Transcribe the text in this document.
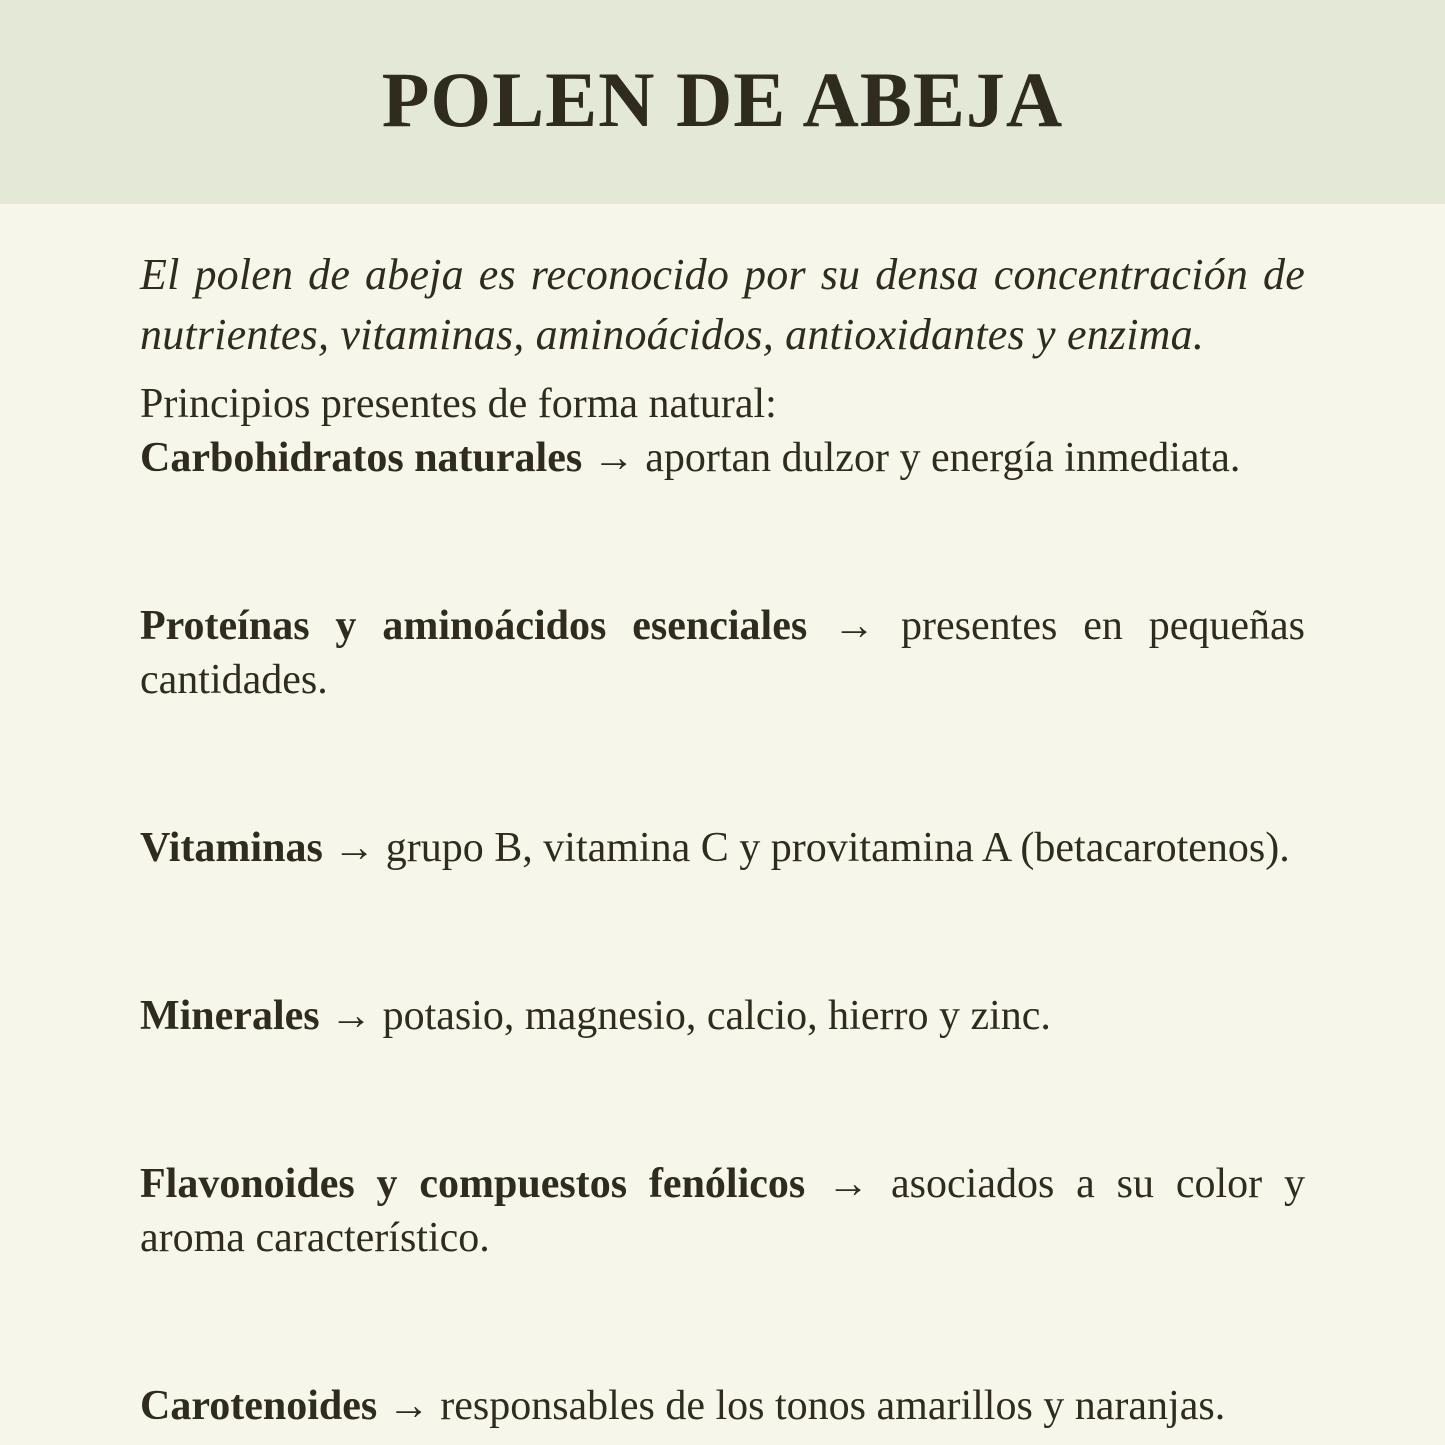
POLEN DE ABEJA

El polen de abeja es reconocido por su densa concentración de nutrientes, vitaminas, aminoácidos, antioxidantes y enzima.

Principios presentes de forma natural:

Carbohidratos naturales → aportan dulzor y energía inmediata.

Proteínas y aminoácidos esenciales → presentes en pequeñas cantidades.

Vitaminas → grupo B, vitamina C y provitamina A (betacarotenos).

Minerales → potasio, magnesio, calcio, hierro y zinc.

Flavonoides y compuestos fenólicos → asociados a su color y aroma característico.

Carotenoides → responsables de los tonos amarillos y naranjas.
